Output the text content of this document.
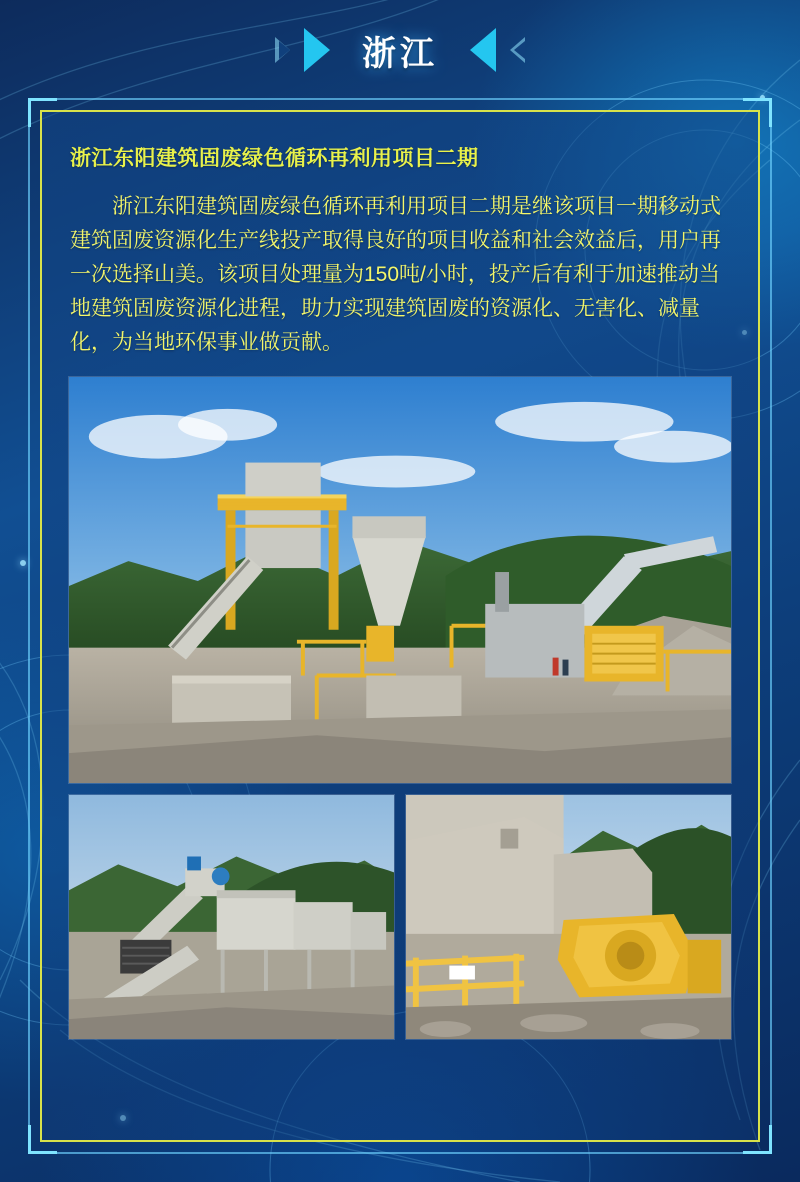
浙江
浙江东阳建筑固废绿色循环再利用项目二期

浙江东阳建筑固废绿色循环再利用项目二期是继该项目一期移动式建筑固废资源化生产线投产取得良好的项目收益和社会效益后，用户再一次选择山美。该项目处理量为150吨/小时，投产后有利于加速推动当地建筑固废资源化进程，助力实现建筑固废的资源化、无害化、减量化，为当地环保事业做贡献。
